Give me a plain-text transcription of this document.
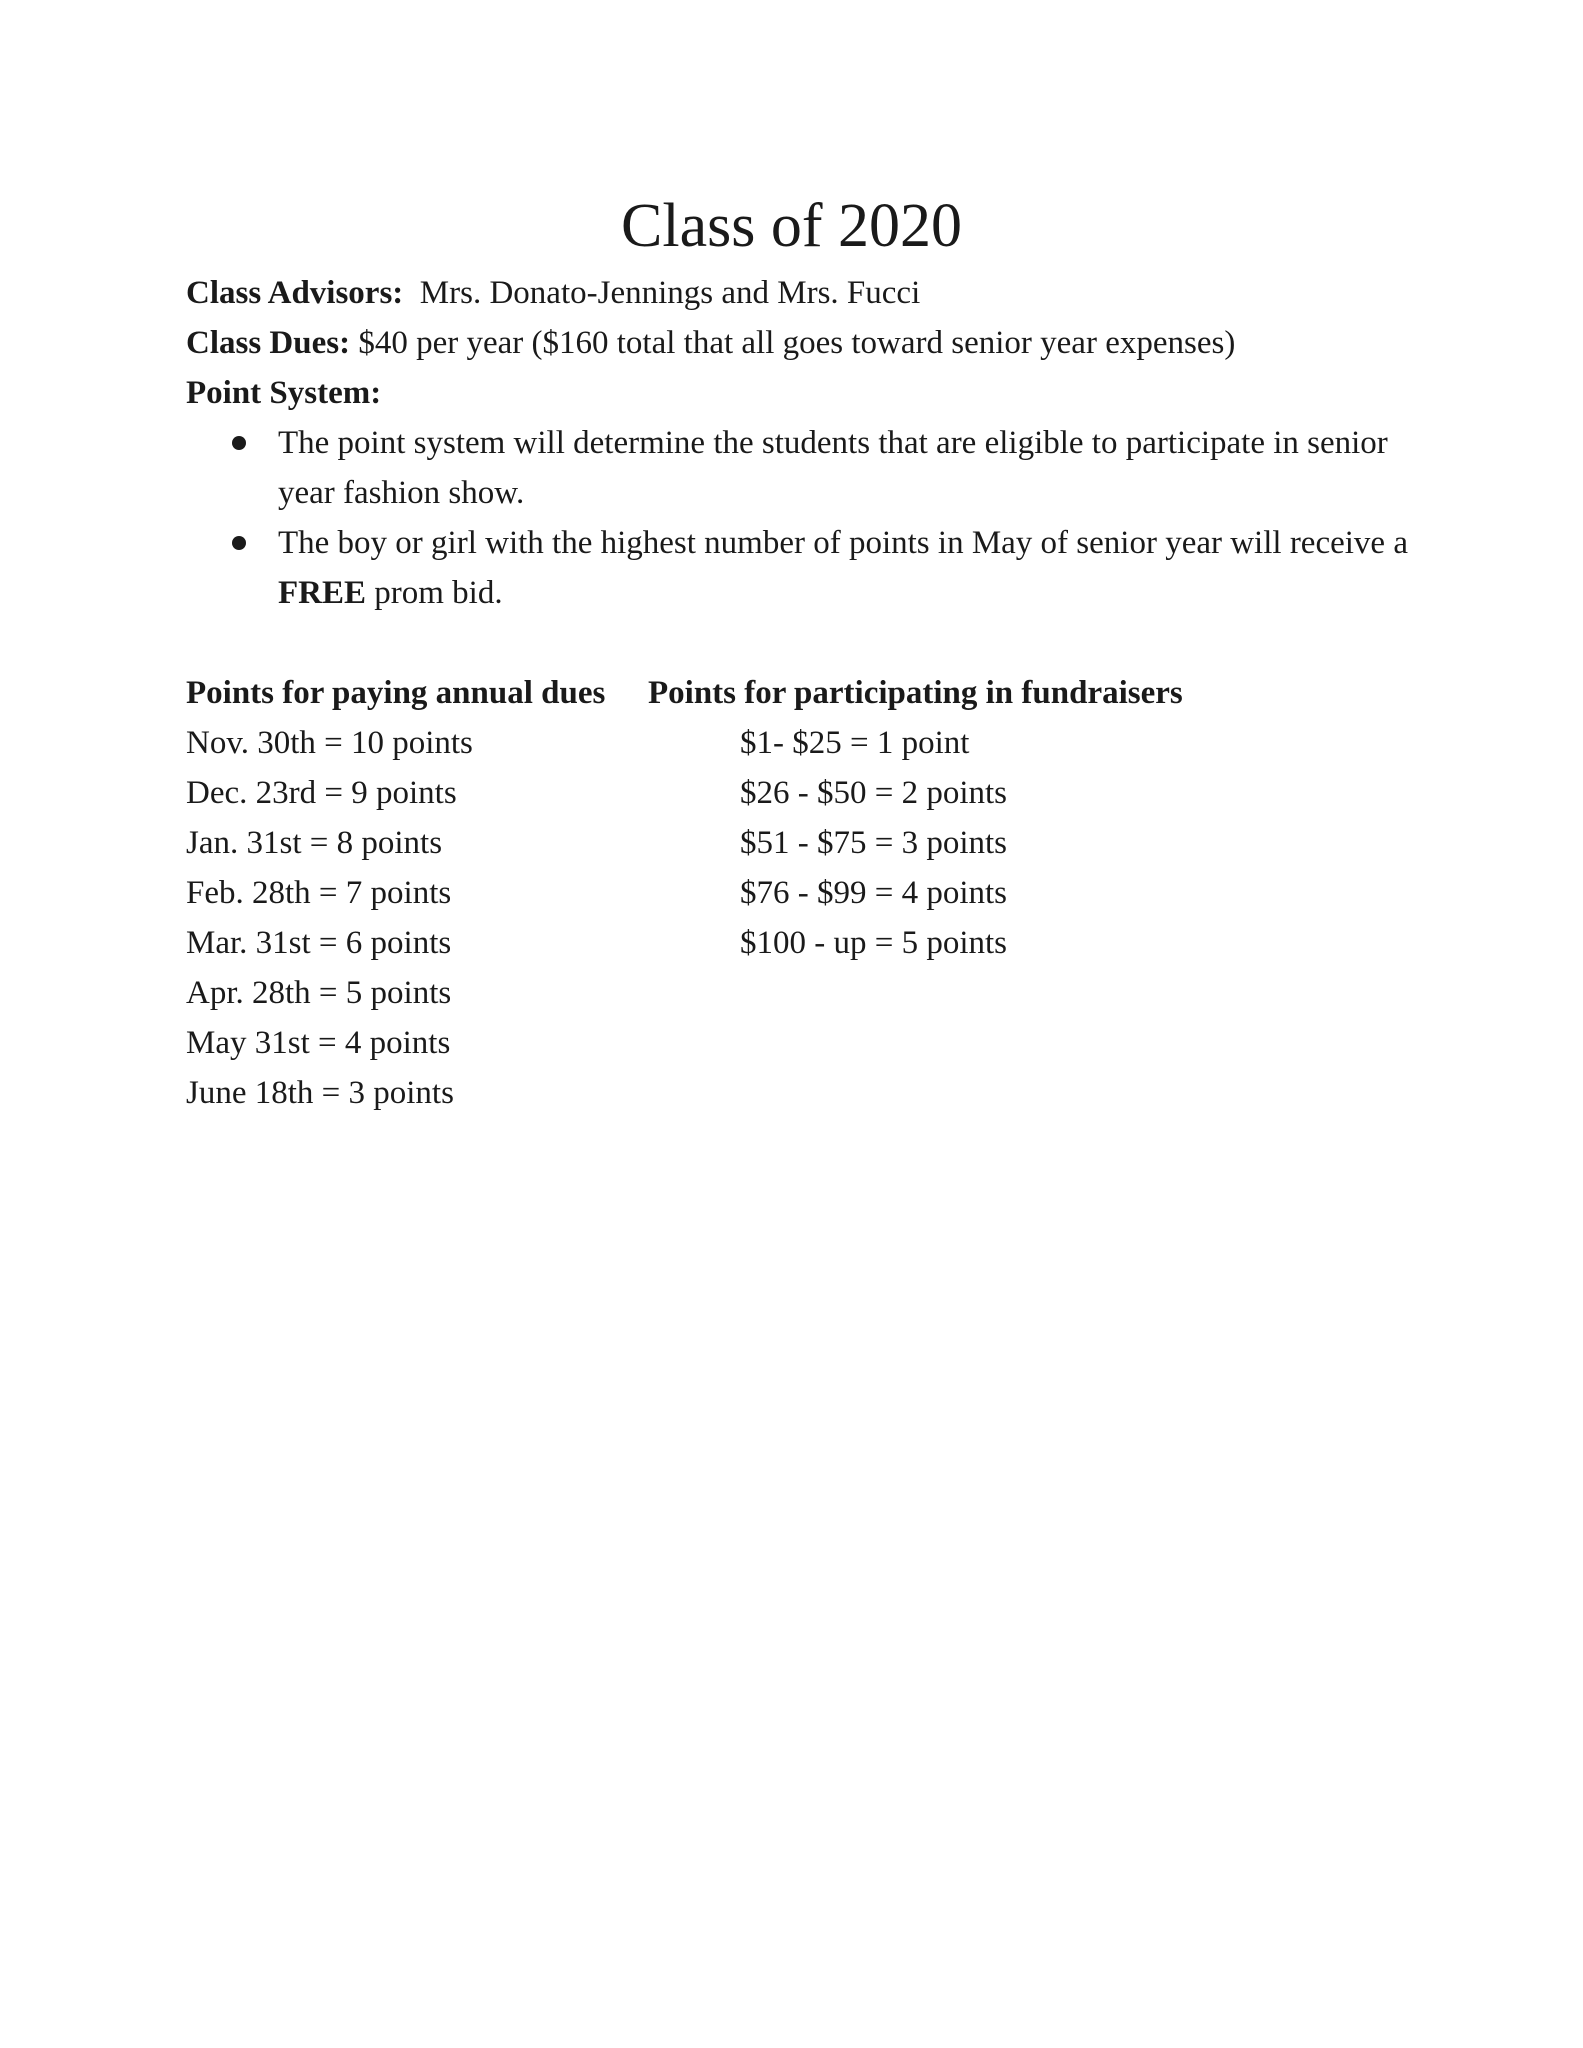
Class of 2020
Class Advisors: Mrs. Donato-Jennings and Mrs. Fucci
Class Dues: $40 per year ($160 total that all goes toward senior year expenses)
Point System:
The point system will determine the students that are eligible to participate in senior year fashion show.
The boy or girl with the highest number of points in May of senior year will receive a FREE prom bid.
Points for paying annual dues Points for participating in fundraisers
Nov. 30th = 10 points
Dec. 23rd = 9 points
Jan. 31st = 8 points
Feb. 28th = 7 points
Mar. 31st = 6 points
Apr. 28th = 5 points
May 31st = 4 points
June 18th = 3 points
$1- $25 = 1 point
$26 - $50 = 2 points
$51 - $75 = 3 points
$76 - $99 = 4 points
$100 - up = 5 points
